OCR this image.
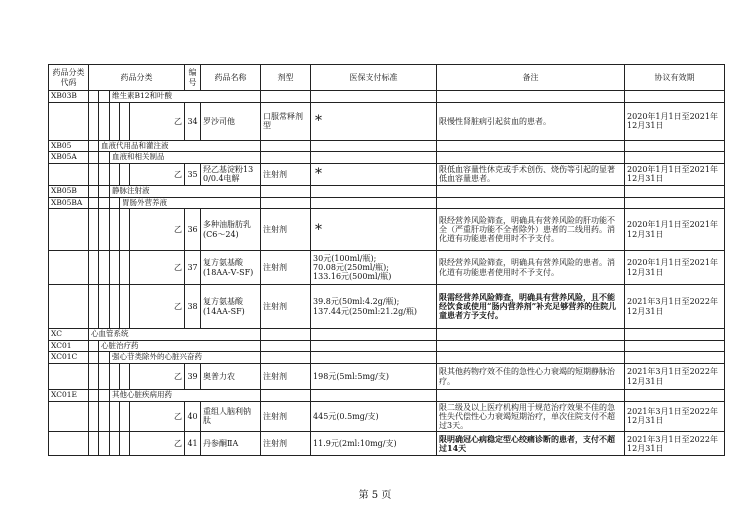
药品分类代码	药品分类					编号	药品名称	剂型	医保支付标准	备注	协议有效期
XB03B			维生素B12和叶酸								
					乙	34	罗沙司他	口服常释剂型	*	限慢性肾脏病引起贫血的患者。	2020年1月1日至2021年12月31日
XB05		血液代用品和灌注液									
XB05A			血液和相关制品								
					乙	35	羟乙基淀粉130/0.4电解	注射剂	*	限低血容量性休克或手术创伤、烧伤等引起的显著低血容量患者。	2020年1月1日至2021年12月31日
XB05B			静脉注射液								
XB05BA				胃肠外营养液							
					乙	36	多种油脂肪乳(C6～24)	注射剂	*	限经营养风险筛查，明确具有营养风险的肝功能不全（严重肝功能不全者除外）患者的二线用药。消化道有功能患者使用时不予支付。	2020年1月1日至2021年12月31日
					乙	37	复方氨基酸(18AA-Ⅴ-SF)	注射剂	30元(100ml/瓶);
70.08元(250ml/瓶);
133.16元(500ml/瓶)	限经营养风险筛查，明确具有营养风险的患者。消化道有功能患者使用时不予支付。	2020年1月1日至2021年12月31日
					乙	38	复方氨基酸(14AA-SF)	注射剂	39.8元(50ml:4.2g/瓶);
137.44元(250ml:21.2g/瓶)	限需经营养风险筛查，明确具有营养风险，且不能经饮食或使用“肠内营养剂”补充足够营养的住院儿童患者方予支付。	2021年3月1日至2022年12月31日
XC	心血管系统										
XC01		心脏治疗药									
XC01C			强心苷类除外的心脏兴奋药								
					乙	39	奥普力农	注射剂	198元(5ml:5mg/支)	限其他药物疗效不佳的急性心力衰竭的短期静脉治疗。	2021年3月1日至2022年12月31日
XC01E			其他心脏疾病用药								
					乙	40	重组人脑利钠肽	注射剂	445元(0.5mg/支)	限二级及以上医疗机构用于规范治疗效果不佳的急性失代偿性心力衰竭短期治疗，单次住院支付不超过3天。	2021年3月1日至2022年12月31日
					乙	41	丹参酮ⅡA	注射剂	11.9元(2ml:10mg/支)	限明确冠心病稳定型心绞痛诊断的患者，支付不超过14天	2021年3月1日至2022年12月31日
第 5 页
